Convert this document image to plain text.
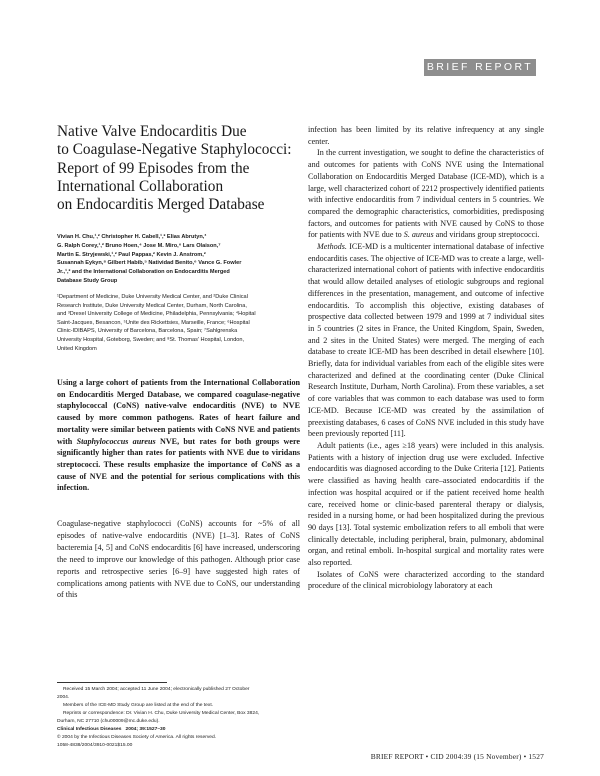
BRIEF REPORT
Native Valve Endocarditis Due
to Coagulase-Negative Staphylococci:
Report of 99 Episodes from the
International Collaboration
on Endocarditis Merged Database
Vivian H. Chu,¹,² Christopher H. Cabell,¹,² Elias Abrutyn,³
G. Ralph Corey,¹,² Bruno Hoen,⁴ Jose M. Miro,⁶ Lars Olaison,⁷
Martin E. Stryjewski,¹,² Paul Pappas,² Kevin J. Anstrom,²
Susannah Eykyn,⁸ Gilbert Habib,⁵ Natividad Benito,⁶ Vance G. Fowler
Jr.,¹,² and the International Collaboration on Endocarditis Merged
Database Study Group
¹Department of Medicine, Duke University Medical Center, and ²Duke Clinical
Research Institute, Duke University Medical Center, Durham, North Carolina,
and ³Drexel University College of Medicine, Philadelphia, Pennsylvania; ⁴Hopital
Saint-Jacques, Besancon, ⁵Unite des Rickettsies, Marseille, France; ⁶Hospital
Clinic-IDIBAPS, University of Barcelona, Barcelona, Spain; ⁷Sahlgrenska
University Hospital, Goteborg, Sweden; and ⁸St. Thomas' Hospital, London,
United Kingdom
Using a large cohort of patients from the International Collaboration on Endocarditis Merged Database, we compared coagulase-negative staphylococcal (CoNS) native-valve endocarditis (NVE) to NVE caused by more common pathogens. Rates of heart failure and mortality were similar between patients with CoNS NVE and patients with Staphylococcus aureus NVE, but rates for both groups were significantly higher than rates for patients with NVE due to viridans streptococci. These results emphasize the importance of CoNS as a cause of NVE and the potential for serious complications with this infection.
Coagulase-negative staphylococci (CoNS) accounts for ~5% of all episodes of native-valve endocarditis (NVE) [1–3]. Rates of CoNS bacteremia [4, 5] and CoNS endocarditis [6] have increased, underscoring the need to improve our knowledge of this pathogen. Although prior case reports and retrospective series [6–9] have suggested high rates of complications among patients with NVE due to CoNS, our understanding of this
Received 15 March 2004; accepted 11 June 2004; electronically published 27 October
2004.
Members of the ICE-MD Study Group are listed at the end of the text.
Reprints or correspondence: Dr. Vivian H. Chu, Duke University Medical Center, Box 3824,
Durham, NC 27710 (chu00009@mc.duke.edu).
Clinical Infectious Diseases 2004; 39:1527–30
© 2004 by the Infectious Diseases Society of America. All rights reserved.
1058-4838/2004/3910-0021$15.00

infection has been limited by its relative infrequency at any single center.

In the current investigation, we sought to define the characteristics of and outcomes for patients with CoNS NVE using the International Collaboration on Endocarditis Merged Database (ICE-MD), which is a large, well characterized cohort of 2212 prospectively identified patients with infective endocarditis from 7 individual centers in 5 countries. We compared the demographic characteristics, comorbidities, predisposing factors, and outcomes for patients with NVE caused by CoNS to those for patients with NVE due to S. aureus and viridans group streptococci.

Methods. ICE-MD is a multicenter international database of infective endocarditis cases. The objective of ICE-MD was to create a large, well-characterized international cohort of patients with infective endocarditis that would allow detailed analyses of etiologic subgroups and regional differences in the presentation, management, and outcome of infective endocarditis. To accomplish this objective, existing databases of prospective data collected between 1979 and 1999 at 7 individual sites in 5 countries (2 sites in France, the United Kingdom, Spain, Sweden, and 2 sites in the United States) were merged. The merging of each database to create ICE-MD has been described in detail elsewhere [10]. Briefly, data for individual variables from each of the eligible sites were characterized and defined at the coordinating center (Duke Clinical Research Institute, Durham, North Carolina). From these variables, a set of core variables that was common to each database was used to form ICE-MD. Because ICE-MD was created by the assimilation of preexisting databases, 6 cases of CoNS NVE included in this study have been previously reported [11].

Adult patients (i.e., ages ≥18 years) were included in this analysis. Patients with a history of injection drug use were excluded. Infective endocarditis was diagnosed according to the Duke Criteria [12]. Patients were classified as having health care–associated endocarditis if the infection was hospital acquired or if the patient received home health care, received home or clinic-based parenteral therapy or dialysis, resided in a nursing home, or had been hospitalized during the previous 90 days [13]. Total systemic embolization refers to all emboli that were clinically detectable, including peripheral, brain, pulmonary, abdominal organ, and retinal emboli. In-hospital surgical and mortality rates were also reported.

Isolates of CoNS were characterized according to the standard procedure of the clinical microbiology laboratory at each

BRIEF REPORT • CID 2004:39 (15 November) • 1527
